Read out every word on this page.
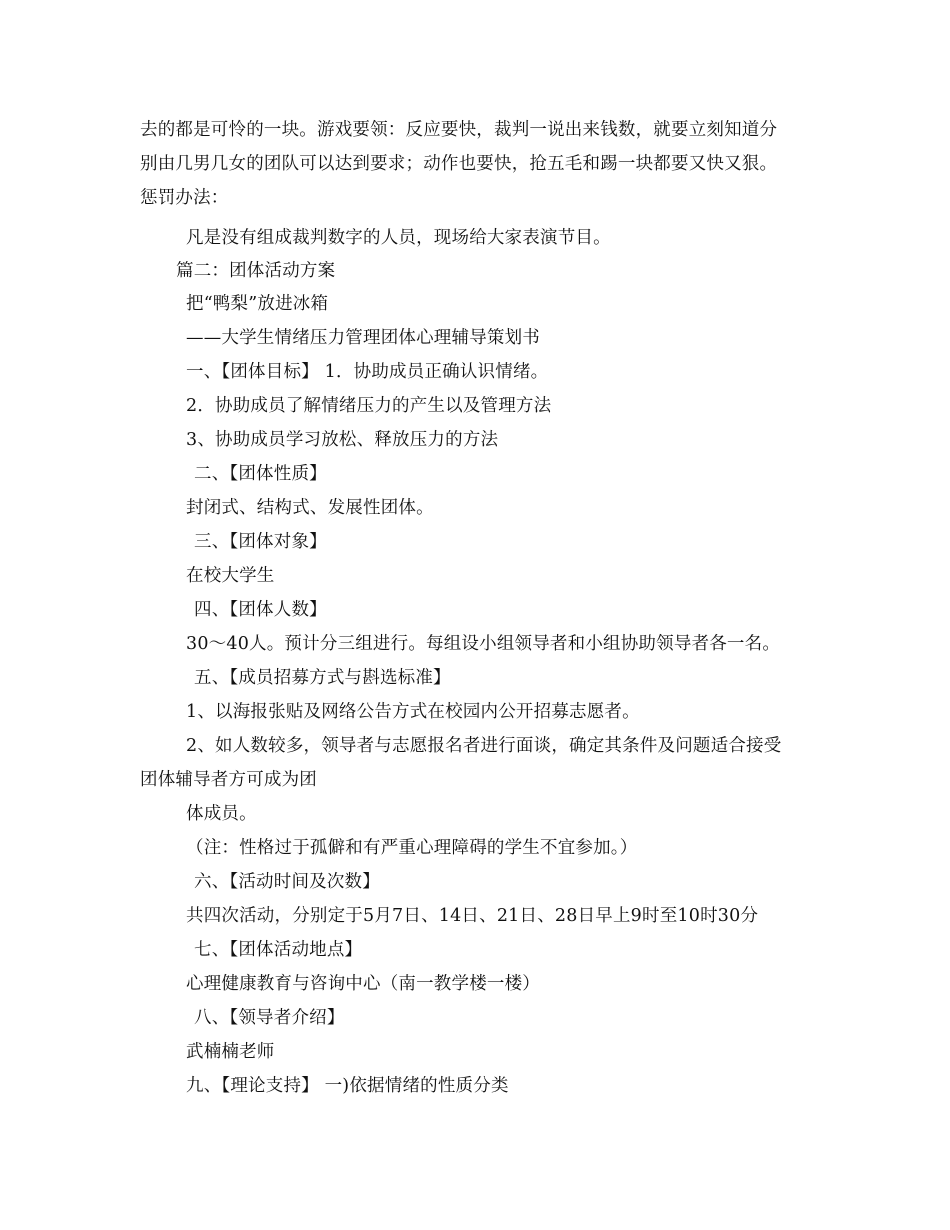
去的都是可怜的一块。游戏要领：反应要快，裁判一说出来钱数，就要立刻知道分
别由几男几女的团队可以达到要求；动作也要快，抢五毛和踢一块都要又快又狠。
惩罚办法：
凡是没有组成裁判数字的人员，现场给大家表演节目。
篇二：团体活动方案
把“鸭梨”放进冰箱
——大学生情绪压力管理团体心理辅导策划书
一、【团体目标】 1．协助成员正确认识情绪。
2．协助成员了解情绪压力的产生以及管理方法
3、协助成员学习放松、释放压力的方法
二、【团体性质】
封闭式、结构式、发展性团体。
三、【团体对象】
在校大学生
四、【团体人数】
30～40人。预计分三组进行。每组设小组领导者和小组协助领导者各一名。
五、【成员招募方式与斟选标准】
1、以海报张贴及网络公告方式在校园内公开招募志愿者。
2、如人数较多，领导者与志愿报名者进行面谈，确定其条件及问题适合接受
团体辅导者方可成为团
体成员。
（注：性格过于孤僻和有严重心理障碍的学生不宜参加。）
六、【活动时间及次数】
共四次活动，分别定于5月7日、14日、21日、28日早上9时至10时30分
七、【团体活动地点】
心理健康教育与咨询中心（南一教学楼一楼）
八、【领导者介绍】
武楠楠老师
九、【理论支持】 一)依据情绪的性质分类
